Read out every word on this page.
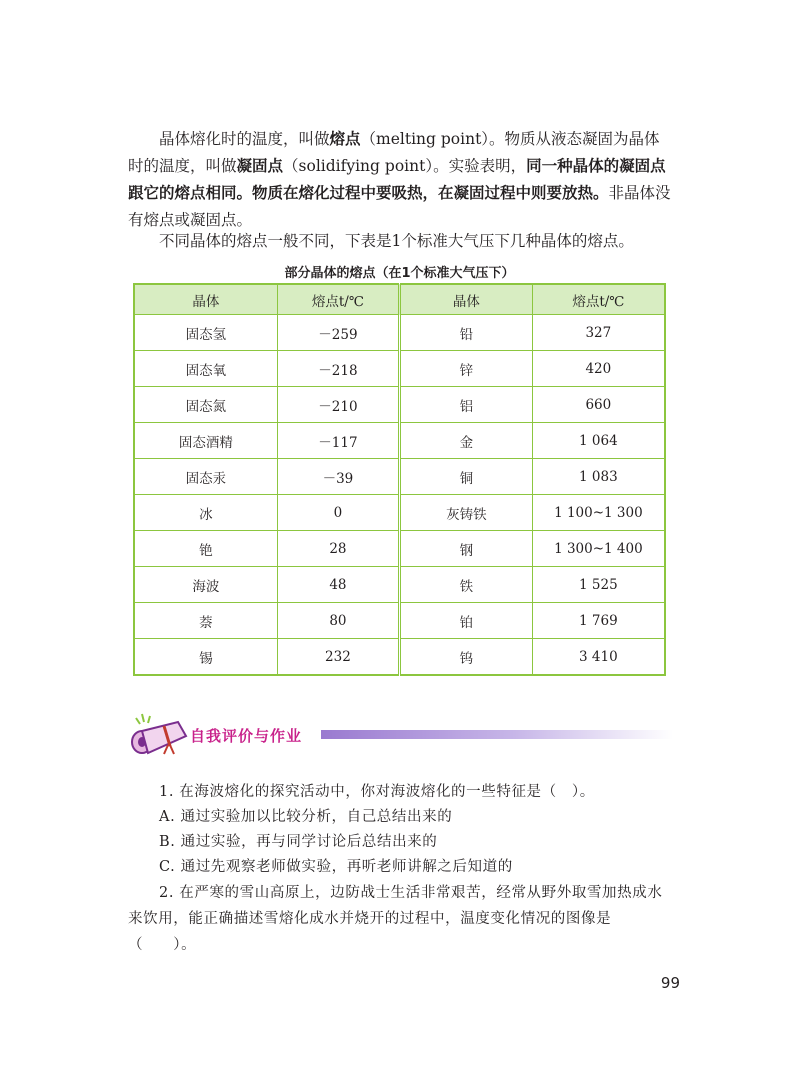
晶体熔化时的温度，叫做熔点（melting point）。物质从液态凝固为晶体时的温度，叫做凝固点（solidifying point）。实验表明，同一种晶体的凝固点跟它的熔点相同。物质在熔化过程中要吸热，在凝固过程中则要放热。非晶体没有熔点或凝固点。
不同晶体的熔点一般不同，下表是1个标准大气压下几种晶体的熔点。
部分晶体的熔点（在1个标准大气压下）
晶体	熔点t/℃	晶体	熔点t/℃
固态氢	－259	铅	327
固态氧	－218	锌	420
固态氮	－210	铝	660
固态酒精	－117	金	1 064
固态汞	－39	铜	1 083
冰	0	灰铸铁	1 100~1 300
铯	28	钢	1 300~1 400
海波	48	铁	1 525
萘	80	铂	1 769
锡	232	钨	3 410
自我评价与作业
1. 在海波熔化的探究活动中，你对海波熔化的一些特征是（　）。
A. 通过实验加以比较分析，自己总结出来的
B. 通过实验，再与同学讨论后总结出来的
C. 通过先观察老师做实验，再听老师讲解之后知道的
2. 在严寒的雪山高原上，边防战士生活非常艰苦，经常从野外取雪加热成水来饮用，能正确描述雪熔化成水并烧开的过程中，温度变化情况的图像是（　　）。
99
